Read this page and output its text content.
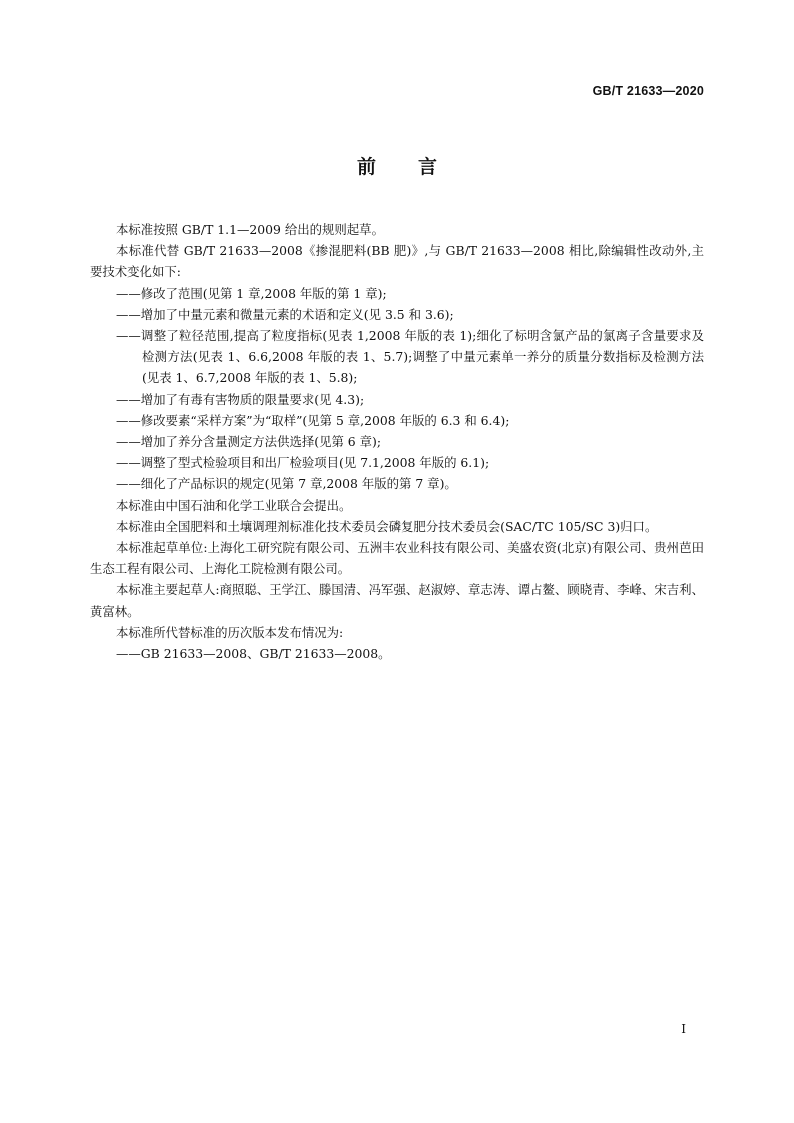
GB/T 21633—2020
前言

本标准按照 GB/T 1.1—2009 给出的规则起草。

本标准代替 GB/T 21633—2008《掺混肥料(BB 肥)》,与 GB/T 21633—2008 相比,除编辑性改动外,主要技术变化如下:

——修改了范围(见第 1 章,2008 年版的第 1 章);

——增加了中量元素和微量元素的术语和定义(见 3.5 和 3.6);

——调整了粒径范围,提高了粒度指标(见表 1,2008 年版的表 1);细化了标明含氯产品的氯离子含量要求及检测方法(见表 1、6.6,2008 年版的表 1、5.7);调整了中量元素单一养分的质量分数指标及检测方法(见表 1、6.7,2008 年版的表 1、5.8);

——增加了有毒有害物质的限量要求(见 4.3);

——修改要素“采样方案”为“取样”(见第 5 章,2008 年版的 6.3 和 6.4);

——增加了养分含量测定方法供选择(见第 6 章);

——调整了型式检验项目和出厂检验项目(见 7.1,2008 年版的 6.1);

——细化了产品标识的规定(见第 7 章,2008 年版的第 7 章)。

本标准由中国石油和化学工业联合会提出。

本标准由全国肥料和土壤调理剂标准化技术委员会磷复肥分技术委员会(SAC/TC 105/SC 3)归口。

本标准起草单位:上海化工研究院有限公司、五洲丰农业科技有限公司、美盛农资(北京)有限公司、贵州芭田生态工程有限公司、上海化工院检测有限公司。

本标准主要起草人:商照聪、王学江、滕国清、冯军强、赵淑婷、章志涛、谭占鳌、顾晓青、李峰、宋吉利、黄富林。

本标准所代替标准的历次版本发布情况为:

——GB 21633—2008、GB/T 21633—2008。

I
